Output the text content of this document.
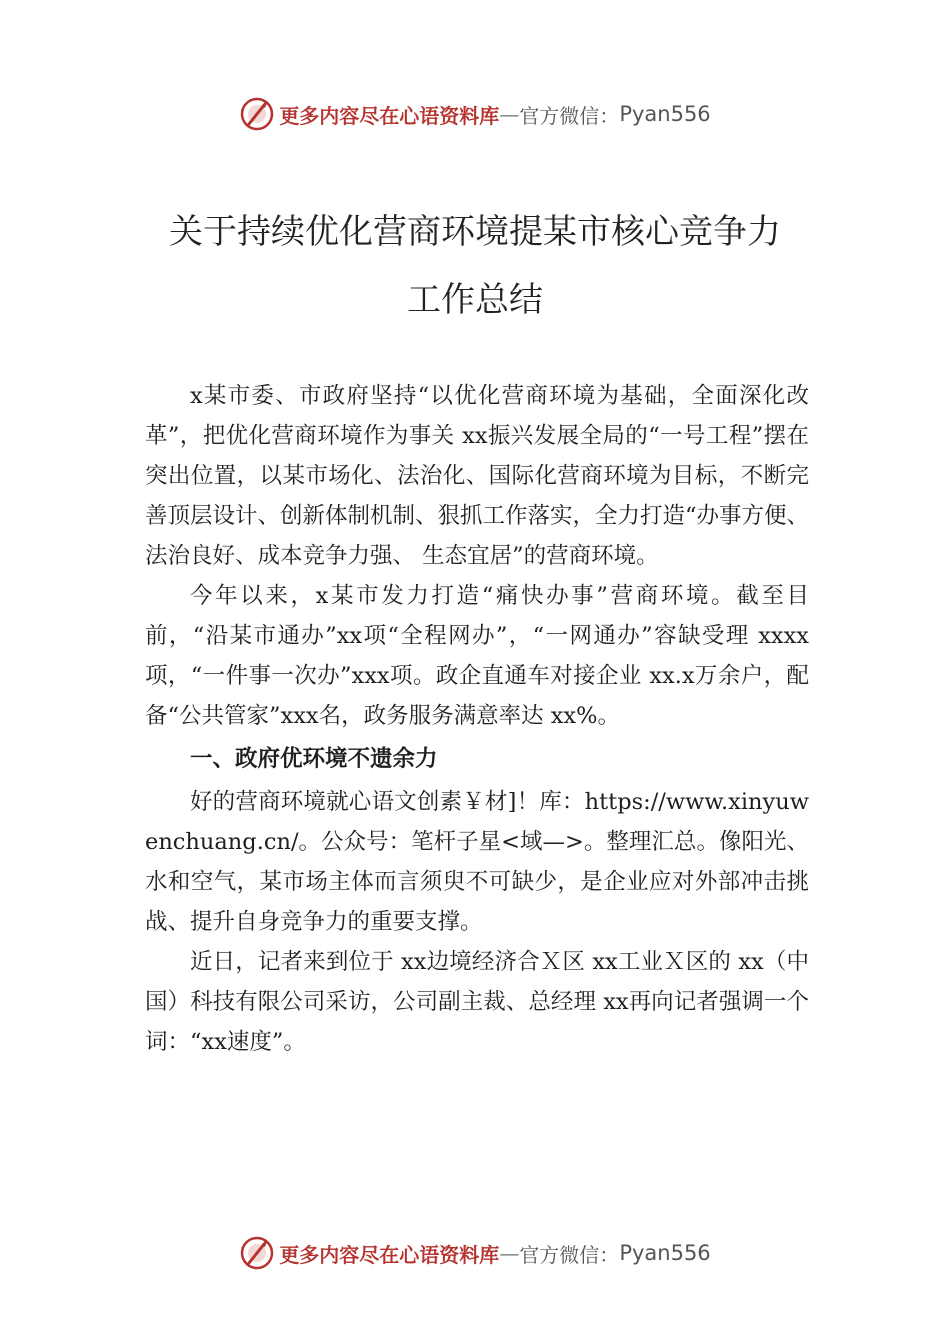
更多内容尽在心语资料库 — 官方微信： Pyan556
关于持续优化营商环境提某市核心竞争力
工作总结

x某市委、市政府坚持“以优化营商环境为基础，全面深化改革”，把优化营商环境作为事关 xx振兴发展全局的“一号工程”摆在突出位置，以某市场化、法治化、国际化营商环境为目标，不断完善顶层设计、创新体制机制、狠抓工作落实，全力打造“办事方便、法治良好、成本竞争力强、 生态宜居”的营商环境。

今年以来，x某市发力打造“痛快办事”营商环境。截至目前，“沿某市通办”xx项“全程网办”，“一网通办”容缺受理 xxxx项，“一件事一次办”xxx项。政企直通车对接企业 xx.x万余户，配备“公共管家”xxx名，政务服务满意率达 xx%。

一、政府优环境不遗余力

好的营商环境就心语文创素￥材]！库：https://www.xinyuwenchuang.cn/。公众号：笔杆子星<域—>。整理汇总。像阳光、水和空气，某市场主体而言须臾不可缺少，是企业应对外部冲击挑战、提升自身竞争力的重要支撑。

近日，记者来到位于 xx边境经济合Ｘ区 xx工业Ｘ区的 xx（中国）科技有限公司采访，公司副主裁、总经理 xx再向记者强调一个词：“xx速度”。

更多内容尽在心语资料库 — 官方微信： Pyan556
